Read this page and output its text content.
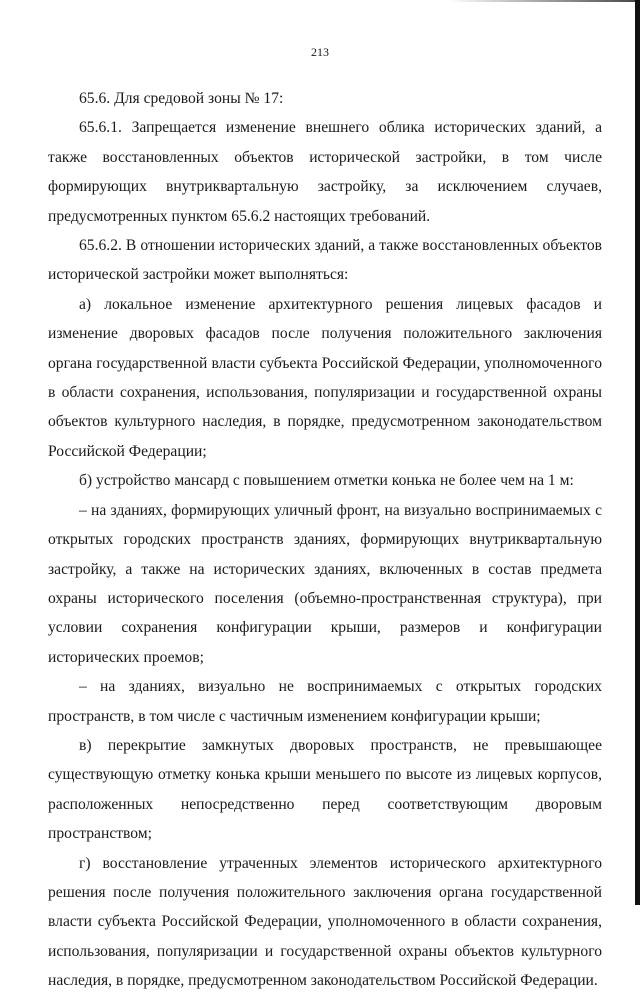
213

65.6. Для средовой зоны № 17:

65.6.1. Запрещается изменение внешнего облика исторических зданий, а также восстановленных объектов исторической застройки, в том числе формирующих внутриквартальную застройку, за исключением случаев, предусмотренных пунктом 65.6.2 настоящих требований.

65.6.2. В отношении исторических зданий, а также восстановленных объектов исторической застройки может выполняться:

а) локальное изменение архитектурного решения лицевых фасадов и изменение дворовых фасадов после получения положительного заключения органа государственной власти субъекта Российской Федерации, уполномоченного в области сохранения, использования, популяризации и государственной охраны объектов культурного наследия, в порядке, предусмотренном законодательством Российской Федерации;

б) устройство мансард с повышением отметки конька не более чем на 1 м:

– на зданиях, формирующих уличный фронт, на визуально воспринимаемых с открытых городских пространств зданиях, формирующих внутриквартальную застройку, а также на исторических зданиях, включенных в состав предмета охраны исторического поселения (объемно-пространственная структура), при условии сохранения конфигурации крыши, размеров и конфигурации исторических проемов;

– на зданиях, визуально не воспринимаемых с открытых городских пространств, в том числе с частичным изменением конфигурации крыши;

в) перекрытие замкнутых дворовых пространств, не превышающее существующую отметку конька крыши меньшего по высоте из лицевых корпусов, расположенных непосредственно перед соответствующим дворовым пространством;

г) восстановление утраченных элементов исторического архитектурного решения после получения положительного заключения органа государственной власти субъекта Российской Федерации, уполномоченного в области сохранения, использования, популяризации и государственной охраны объектов культурного наследия, в порядке, предусмотренном законодательством Российской Федерации.
